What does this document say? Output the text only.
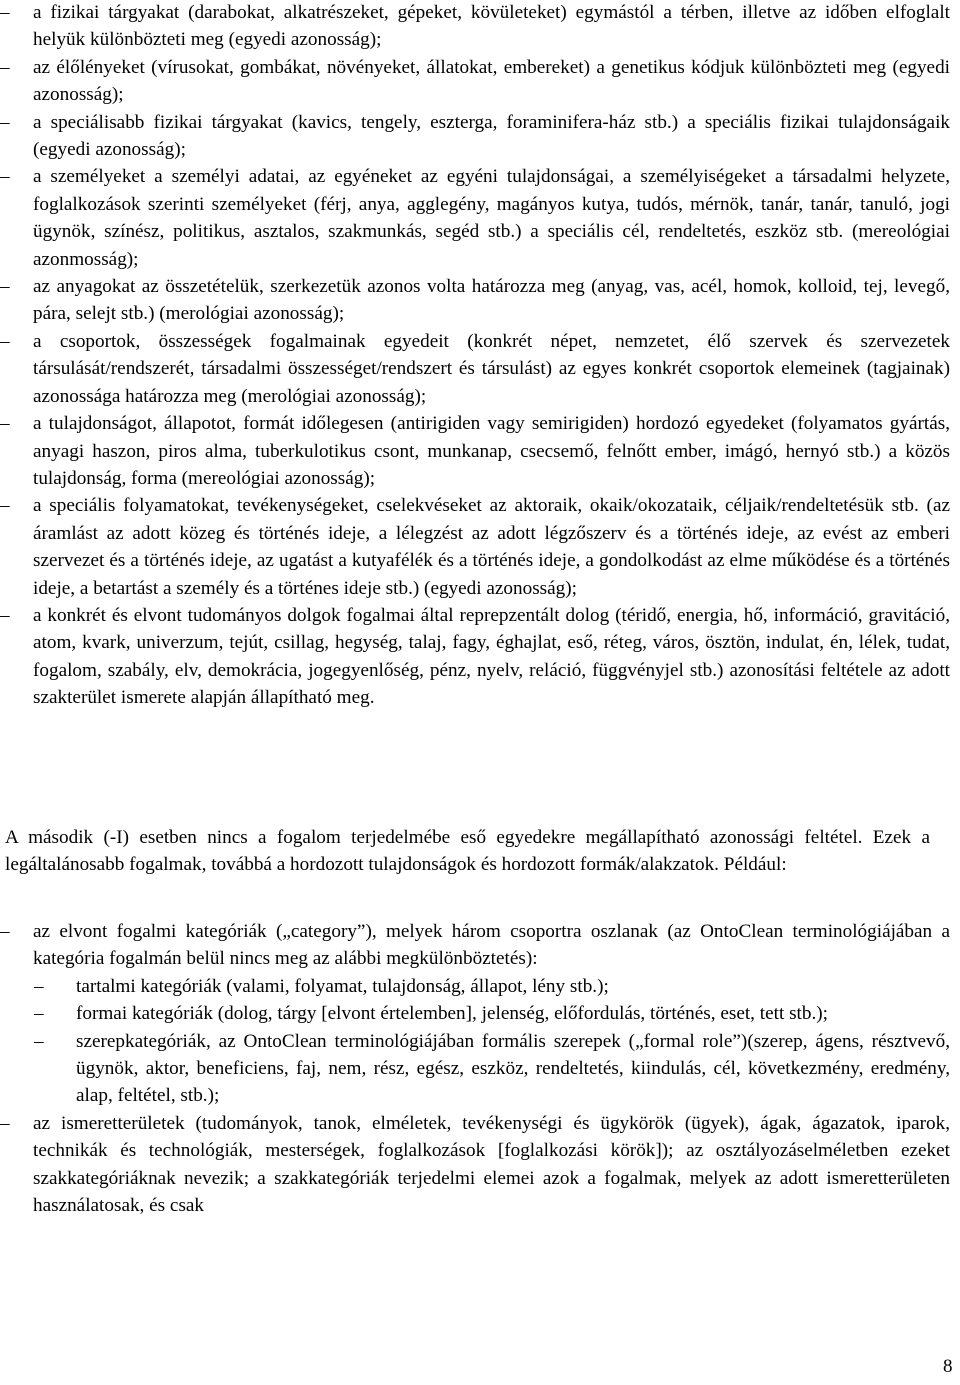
–	a fizikai tárgyakat (darabokat, alkatrészeket, gépeket, kövületeket) egymástól a térben, illetve az időben elfoglalt helyük különbözteti meg (egyedi azonosság);
–	az élőlényeket (vírusokat, gombákat, növényeket, állatokat, embereket) a genetikus kódjuk különbözteti meg (egyedi azonosság);
–	a speciálisabb fizikai tárgyakat (kavics, tengely, eszterga, foraminifera-ház stb.) a speciális fizikai tulajdonságaik (egyedi azonosság);
–	a személyeket a személyi adatai, az egyéneket az egyéni tulajdonságai, a személyiségeket a társadalmi helyzete, foglalkozások szerinti személyeket (férj, anya, agglegény, magányos kutya, tudós, mérnök, tanár, tanár, tanuló, jogi ügynök, színész, politikus, asztalos, szakmunkás, segéd stb.) a speciális cél, rendeltetés, eszköz stb. (mereológiai azonmosság);
–	az anyagokat az összetételük, szerkezetük azonos volta határozza meg (anyag, vas, acél, homok, kolloid, tej, levegő, pára, selejt stb.) (merológiai azonosság);
–	a csoportok, összességek fogalmainak egyedeit (konkrét népet, nemzetet, élő szervek és szervezetek társulását/rendszerét, társadalmi összességet/rendszert és társulást) az egyes konkrét csoportok elemeinek (tagjainak) azonossága határozza meg (merológiai azonosság);
–	a tulajdonságot, állapotot, formát időlegesen (antirigiden vagy semirigiden) hordozó egyedeket (folyamatos gyártás, anyagi haszon, piros alma, tuberkulotikus csont, munkanap, csecsemő, felnőtt ember, imágó, hernyó stb.) a közös tulajdonság, forma (mereológiai azonosság);
–	a speciális folyamatokat, tevékenységeket, cselekvéseket az aktoraik, okaik/okozataik, céljaik/rendeltetésük stb. (az áramlást az adott közeg és történés ideje, a lélegzést az adott légzőszerv és a történés ideje, az evést az emberi szervezet és a történés ideje, az ugatást a kutyafélék és a történés ideje, a gondolkodást az elme működése és a történés ideje, a betartást a személy és a történes ideje stb.) (egyedi azonosság);
–	a konkrét és elvont tudományos dolgok fogalmai által reprepzentált dolog (téridő, energia, hő, információ, gravitáció, atom, kvark, univerzum, tejút, csillag, hegység, talaj, fagy, éghajlat, eső, réteg, város, ösztön, indulat, én, lélek, tudat, fogalom, szabály, elv, demokrácia, jogegyenlőség, pénz, nyelv, reláció, függvényjel stb.) azonosítási feltétele az adott szakterület ismerete alapján állapítható meg.

A második (-I) esetben nincs a fogalom terjedelmébe eső egyedekre megállapítható azonossági feltétel. Ezek a legáltalánosabb fogalmak, továbbá a hordozott tulajdonságok és hordozott formák/alakzatok. Például:

–	az elvont fogalmi kategóriák („category”), melyek három csoportra oszlanak (az OntoClean terminológiájában a kategória fogalmán belül nincs meg az alábbi megkülönböztetés):
–	tartalmi kategóriák (valami, folyamat, tulajdonság, állapot, lény stb.);
–	formai kategóriák (dolog, tárgy [elvont értelemben], jelenség, előfordulás, történés, eset, tett stb.);
–	szerepkategóriák, az OntoClean terminológiájában formális szerepek („formal role”)(szerep, ágens, résztvevő, ügynök, aktor, beneficiens, faj, nem, rész, egész, eszköz, rendeltetés, kiindulás, cél, következmény, eredmény, alap, feltétel, stb.);
–	az ismeretterületek (tudományok, tanok, elméletek, tevékenységi és ügykörök (ügyek), ágak, ágazatok, iparok, technikák és technológiák, mesterségek, foglalkozások [foglalkozási körök]); az osztályozáselméletben ezeket szakkategóriáknak nevezik; a szakkategóriák terjedelmi elemei azok a fogalmak, melyek az adott ismeretterületen használatosak, és csak
8
